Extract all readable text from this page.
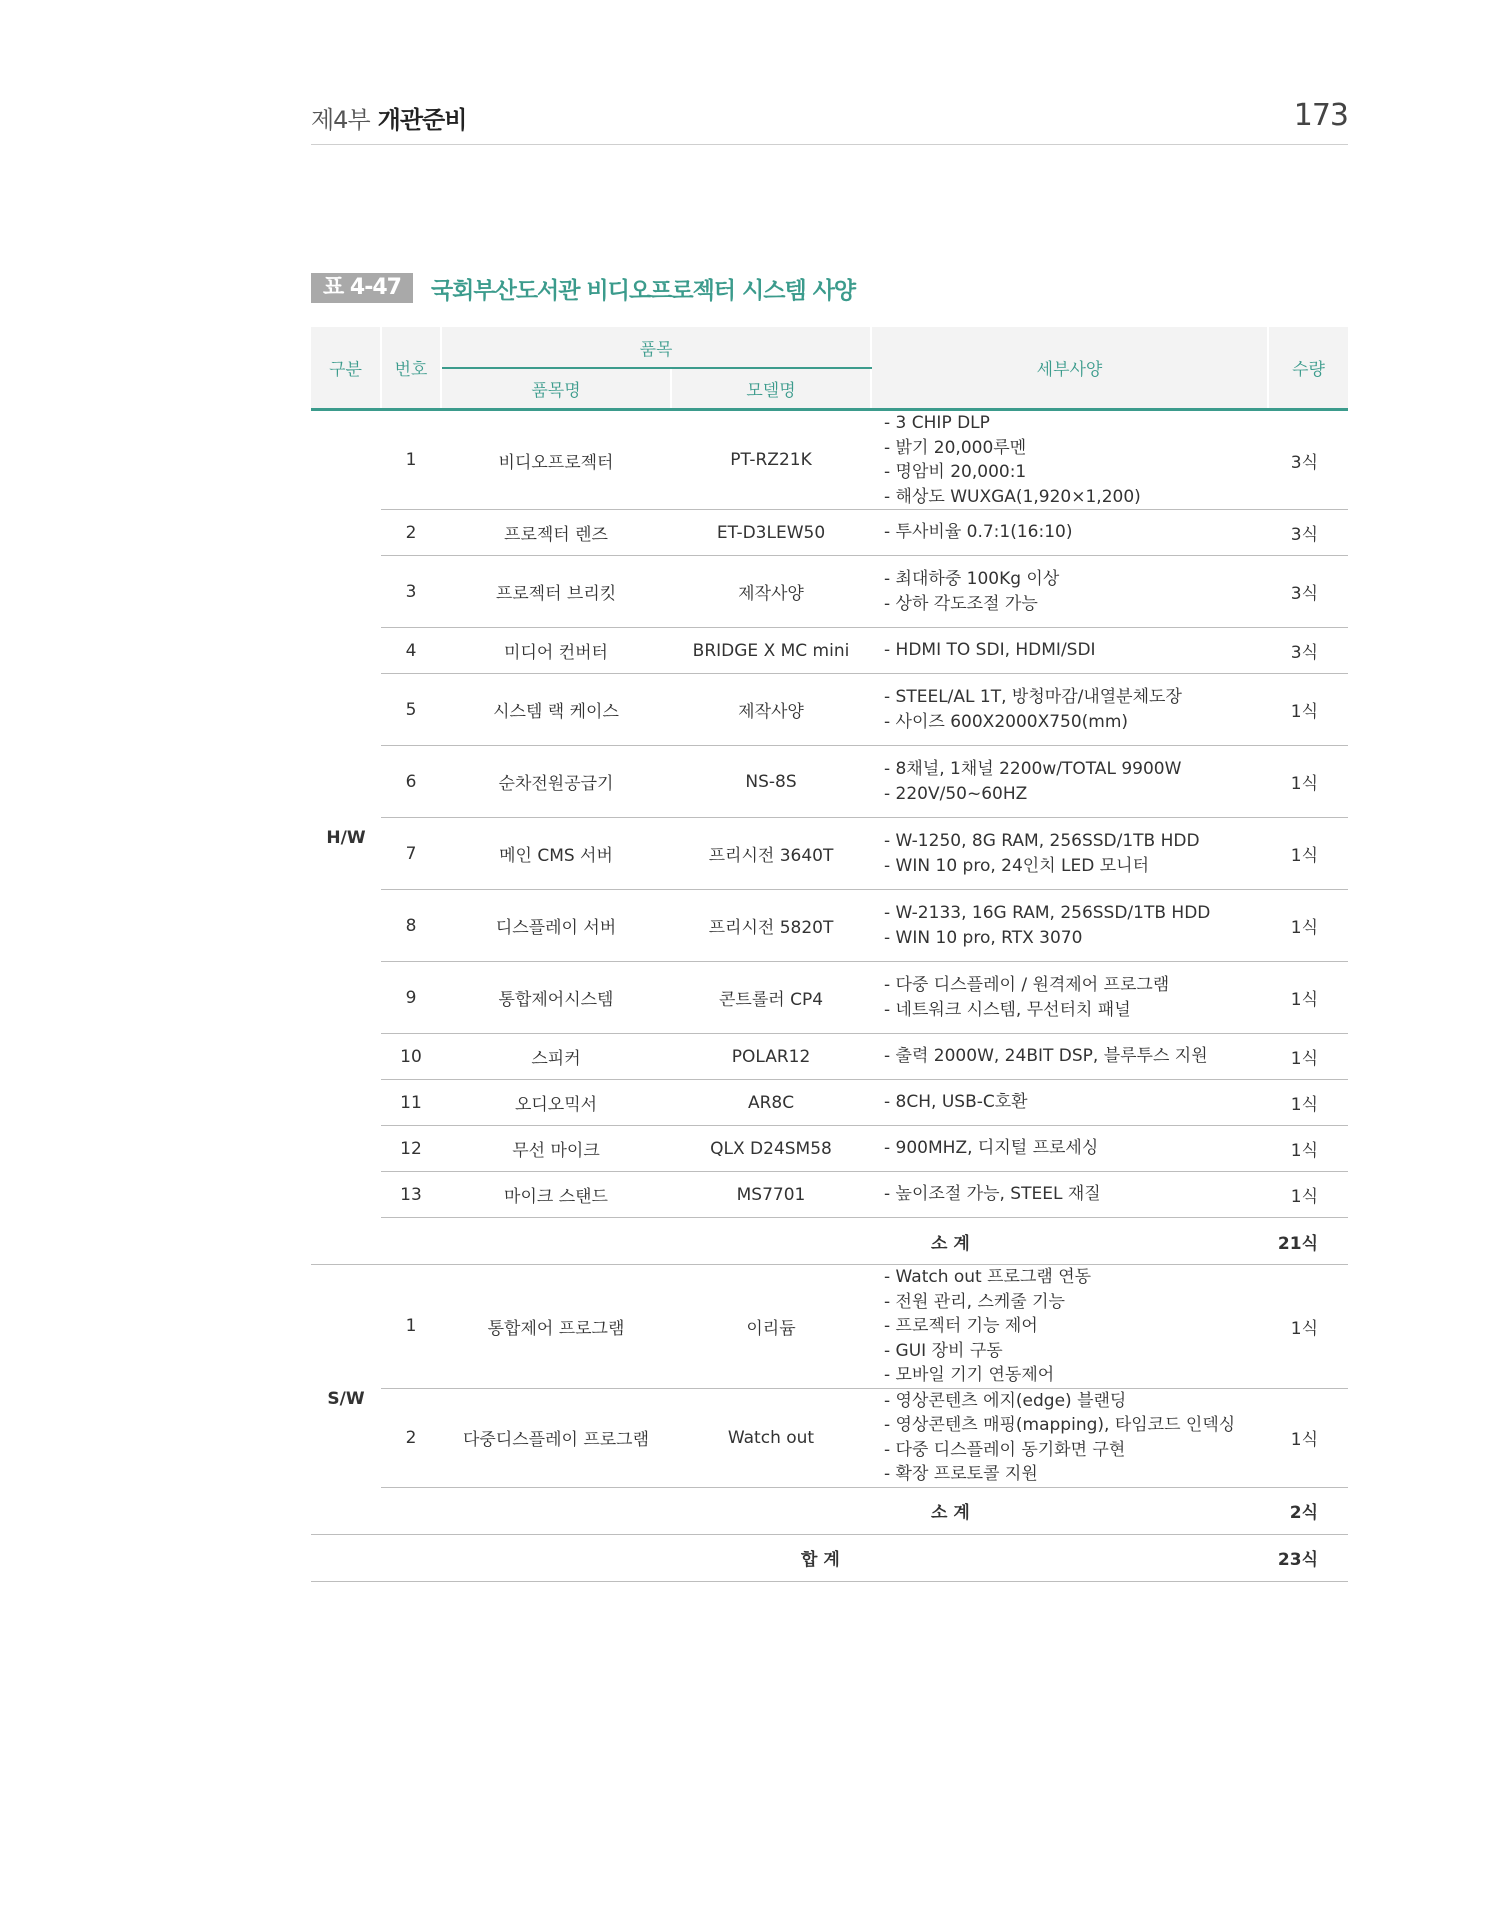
제4부 개관준비	173
표 4-47	국회부산도서관 비디오프로젝터 시스템 사양
구분	번호	품목		세부사양	수량
		품목명	모델명		
H/W	1	비디오프로젝터	PT-RZ21K	- 3 CHIP DLP
- 밝기 20,000루멘
- 명암비 20,000:1
- 해상도 WUXGA(1,920×1,200)	3식
	2	프로젝터 렌즈	ET-D3LEW50	- 투사비율 0.7:1(16:10)	3식
	3	프로젝터 브리킷	제작사양	- 최대하중 100Kg 이상
- 상하 각도조절 가능	3식
	4	미디어 컨버터	BRIDGE X MC mini	- HDMI TO SDI, HDMI/SDI	3식
	5	시스템 랙 케이스	제작사양	- STEEL/AL 1T, 방청마감/내열분체도장
- 사이즈 600X2000X750(mm)	1식
	6	순차전원공급기	NS-8S	- 8채널, 1채널 2200w/TOTAL 9900W
- 220V/50~60HZ	1식
	7	메인 CMS 서버	프리시전 3640T	- W-1250, 8G RAM, 256SSD/1TB HDD
- WIN 10 pro, 24인치 LED 모니터	1식
	8	디스플레이 서버	프리시전 5820T	- W-2133, 16G RAM, 256SSD/1TB HDD
- WIN 10 pro, RTX 3070	1식
	9	통합제어시스템	콘트롤러 CP4	- 다중 디스플레이 / 원격제어 프로그램
- 네트워크 시스템, 무선터치 패널	1식
	10	스피커	POLAR12	- 출력 2000W, 24BIT DSP, 블루투스 지원	1식
	11	오디오믹서	AR8C	- 8CH, USB-C호환	1식
	12	무선 마이크	QLX D24SM58	- 900MHZ, 디지털 프로세싱	1식
	13	마이크 스탠드	MS7701	- 높이조절 가능, STEEL 재질	1식
	소 계				21식
S/W	1	통합제어 프로그램	이리듐	- Watch out 프로그램 연동
- 전원 관리, 스케줄 기능
- 프로젝터 기능 제어
- GUI 장비 구동
- 모바일 기기 연동제어	1식
	2	다중디스플레이 프로그램	Watch out	- 영상콘텐츠 에지(edge) 블랜딩
- 영상콘텐츠 매핑(mapping), 타임코드 인덱싱
- 다중 디스플레이 동기화면 구현
- 확장 프로토콜 지원	1식
	소 계				2식
합 계					23식
